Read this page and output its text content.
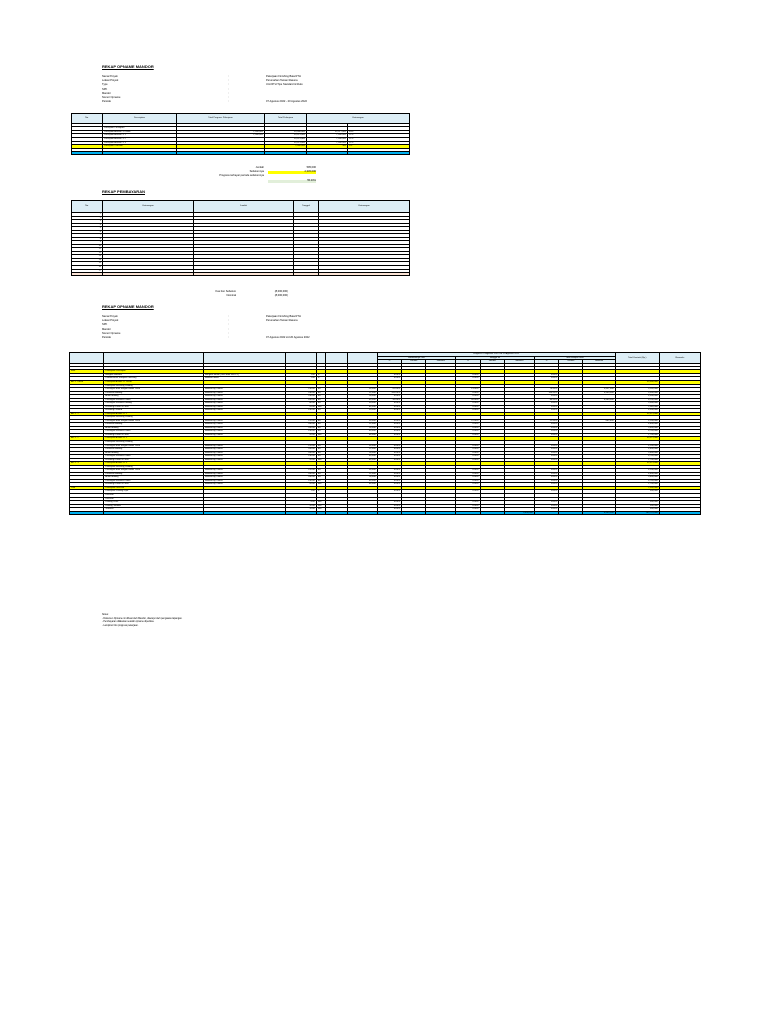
REKAP OPNAME MANDOR
Nama Proyek	:	Pekerjaan Finishing Bata RTH
Lokasi Proyek	:	Perumahan Taman Rasuna
Type	:	Unit RTH Tipe Standard & Ruko
SPK	:
Mandor	:
Nomor Opname	:
Periode	:	07 Agustus 2022 - 20 Agustus 2022
No.	Description	Total Progress Pekerjaan	Total Pekerjaan	Keterangan	

	Pekerjaan Persiapan				
	Pekerjaan Arsitek Lt. Dasar	1,500,000	55,000,000	32,377,000	59%
	Pekerjaan Arsitek Lt. 1	1,000,000	35,575,000	7,500,000	21%
	Pekerjaan Arsitek Lt. 2		35,575,000	7,500,000	21%
	Pekerjaan Arsitek Lt. 3		35,575,000	7,500,000	21%
	Pekerjaan Lain-lain		2,000,000	500	0%

Jumlah	595,000
Sebelumnya	2,345,000
Progress terbayar periode sebelumnya
55.00%
REKAP PEMBAYARAN
No.	Keterangan	Jumlah	Tanggal	Keterangan
1				
2				
3				
4				
5				
6				
7				
8				
9				
10				
11				
12				
13				
14				
15				
16				
17				

Kas bon Sebelum	(8,000,000)
Nominal	(8,000,000)
REKAP OPNAME MANDOR
Nama Proyek	:	Pekerjaan Finishing Bata RTH
Lokasi Proyek	:	Perumahan Taman Rasuna
SPK	:
Mandor	:
Nomor Opname	:
Periode	:	07 Agustus 2022 s/d 20 Agustus 2022
							Progress 07 Agustus 2022 s/d 20 Agustus 2022									Total Kontrak (Rp.)	Remarks
							Sebelumnya Lalu			Minggu Ini			Total Sampai Saat				
							%	Volume	Nominal	%	Volume	Nominal	%	Volume	Nominal		

Item	Pekerjaan Persiapan																
	Bongkar Material	Bongkar bahan (Sisa bata s/d Lt.2)	1.00	ls			0.00%			0.00%			0.00%				
	Pembersihan Sampah Finishing	Material Inbox	1.00	ls			0.00%			0.00%			0.00%				
Ars L. Dasar	Pekerjaan Arsitek Lt. Dasar															55,000,000	
	Pekerjaan Finishing Dinding																
	Pasangan Bata Ringan Hebel 10cm	Material by Owner	150.00	m2		35,000	62.00%			13.00%			75.00%		3,937,500	5,250,000	
	Plesteran dinding	Material by Owner	250.00	m2		22,000	100.00%			0.00%			100.00%		5,500,000	5,500,000	
	Acian dinding	Material by Owner	250.00	m2		18,000	0.00%			0.00%			0.00%			4,500,000	
	Pasangan Keramik Lantai	Material by Owner	180.00	m2		45,000	50.00%			30.00%			80.00%		6,480,000	8,100,000	
	Pasangan Keramik Dinding	Material by Owner	60.00	m2		50,000	0.00%			0.00%			0.00%			3,000,000	
	Finishing Kusen & Pintu	Material by Owner	24.00	unit		85,000	0.00%			0.00%			0.00%			2,040,000	
	Finishing Plafond	Material by Owner	150.00	m2		30,000	0.00%			0.00%			0.00%			4,500,000	
Ars L. 1	Pekerjaan Arsitek Lt. 1															35,575,000	
	Pekerjaan Finishing Dinding																
	Pasangan Bata Ringan Hebel 10cm	Material by Owner	120.00	m2		35,000	0.00%			21.00%			21.00%		882,000	4,200,000	
	Plesteran dinding	Material by Owner	200.00	m2		22,000	0.00%			0.00%			0.00%			4,400,000	
	Acian dinding	Material by Owner	200.00	m2		18,000	0.00%			0.00%			0.00%			3,600,000	
	Pasangan Keramik Lantai	Material by Owner	150.00	m2		45,000	0.00%			0.00%			0.00%			6,750,000	
	Finishing Kusen & Pintu	Material by Owner	20.00	unit		85,000	0.00%			0.00%			0.00%			1,700,000	
Ars L. 2	Pekerjaan Arsitek Lt. 2															35,575,000	
	Pekerjaan Finishing Dinding																
	Pasangan Bata Ringan Hebel 10cm	Material by Owner	120.00	m2		35,000	0.00%			0.00%			0.00%			4,200,000	
	Plesteran dinding	Material by Owner	200.00	m2		22,000	0.00%			0.00%			0.00%			4,400,000	
	Acian dinding	Material by Owner	200.00	m2		18,000	0.00%			0.00%			0.00%			3,600,000	
	Pasangan Keramik Lantai	Material by Owner	150.00	m2		45,000	0.00%			0.00%			0.00%			6,750,000	
	Finishing Kusen & Pintu	Material by Owner	20.00	unit		85,000	0.00%			0.00%			0.00%			1,700,000	
Ars L. 3	Pekerjaan Arsitek Lt. 3															35,575,000	
	Pekerjaan Finishing Dinding																
	Pasangan Bata Ringan Hebel 10cm	Material by Owner	120.00	m2		35,000	0.00%			0.00%			0.00%			4,200,000	
	Plesteran dinding	Material by Owner	200.00	m2		22,000	0.00%			0.00%			0.00%			4,400,000	
	Acian dinding	Material by Owner	200.00	m2		18,000	0.00%			0.00%			0.00%			3,600,000	
	Pasangan Keramik Lantai	Material by Owner	150.00	m2		45,000	0.00%			0.00%			0.00%			6,750,000	
	Finishing Kusen & Pintu	Material by Owner	20.00	unit		85,000	0.00%			0.00%			0.00%			1,700,000	
Lain	Pekerjaan Lain-lain															2,000,000	
	Pekerjaan Pasang Pipa		1.00	ls			0.00%			0.00%			0.00%			500,000	
	Lain-lain																
	Lain-lain																
	Lubang Pintu		8.00	unit			0.00%			0.00%			0.00%			500,000	
	Lubang Jendela		10.00	unit			0.00%			0.00%			0.00%			500,000	
	Ventilasi		10.00	unit			0.00%			0.00%			0.00%			500,000	
												3,000,000			4,400,000	163,725,000	
Notes:
- Dokumen Opname ini dibuat oleh Mandor, disetujui oleh pengawas lapangan.
- Pembayaran dilakukan setelah opname diperiksa.
- Lampiran foto progress pekerjaan.
